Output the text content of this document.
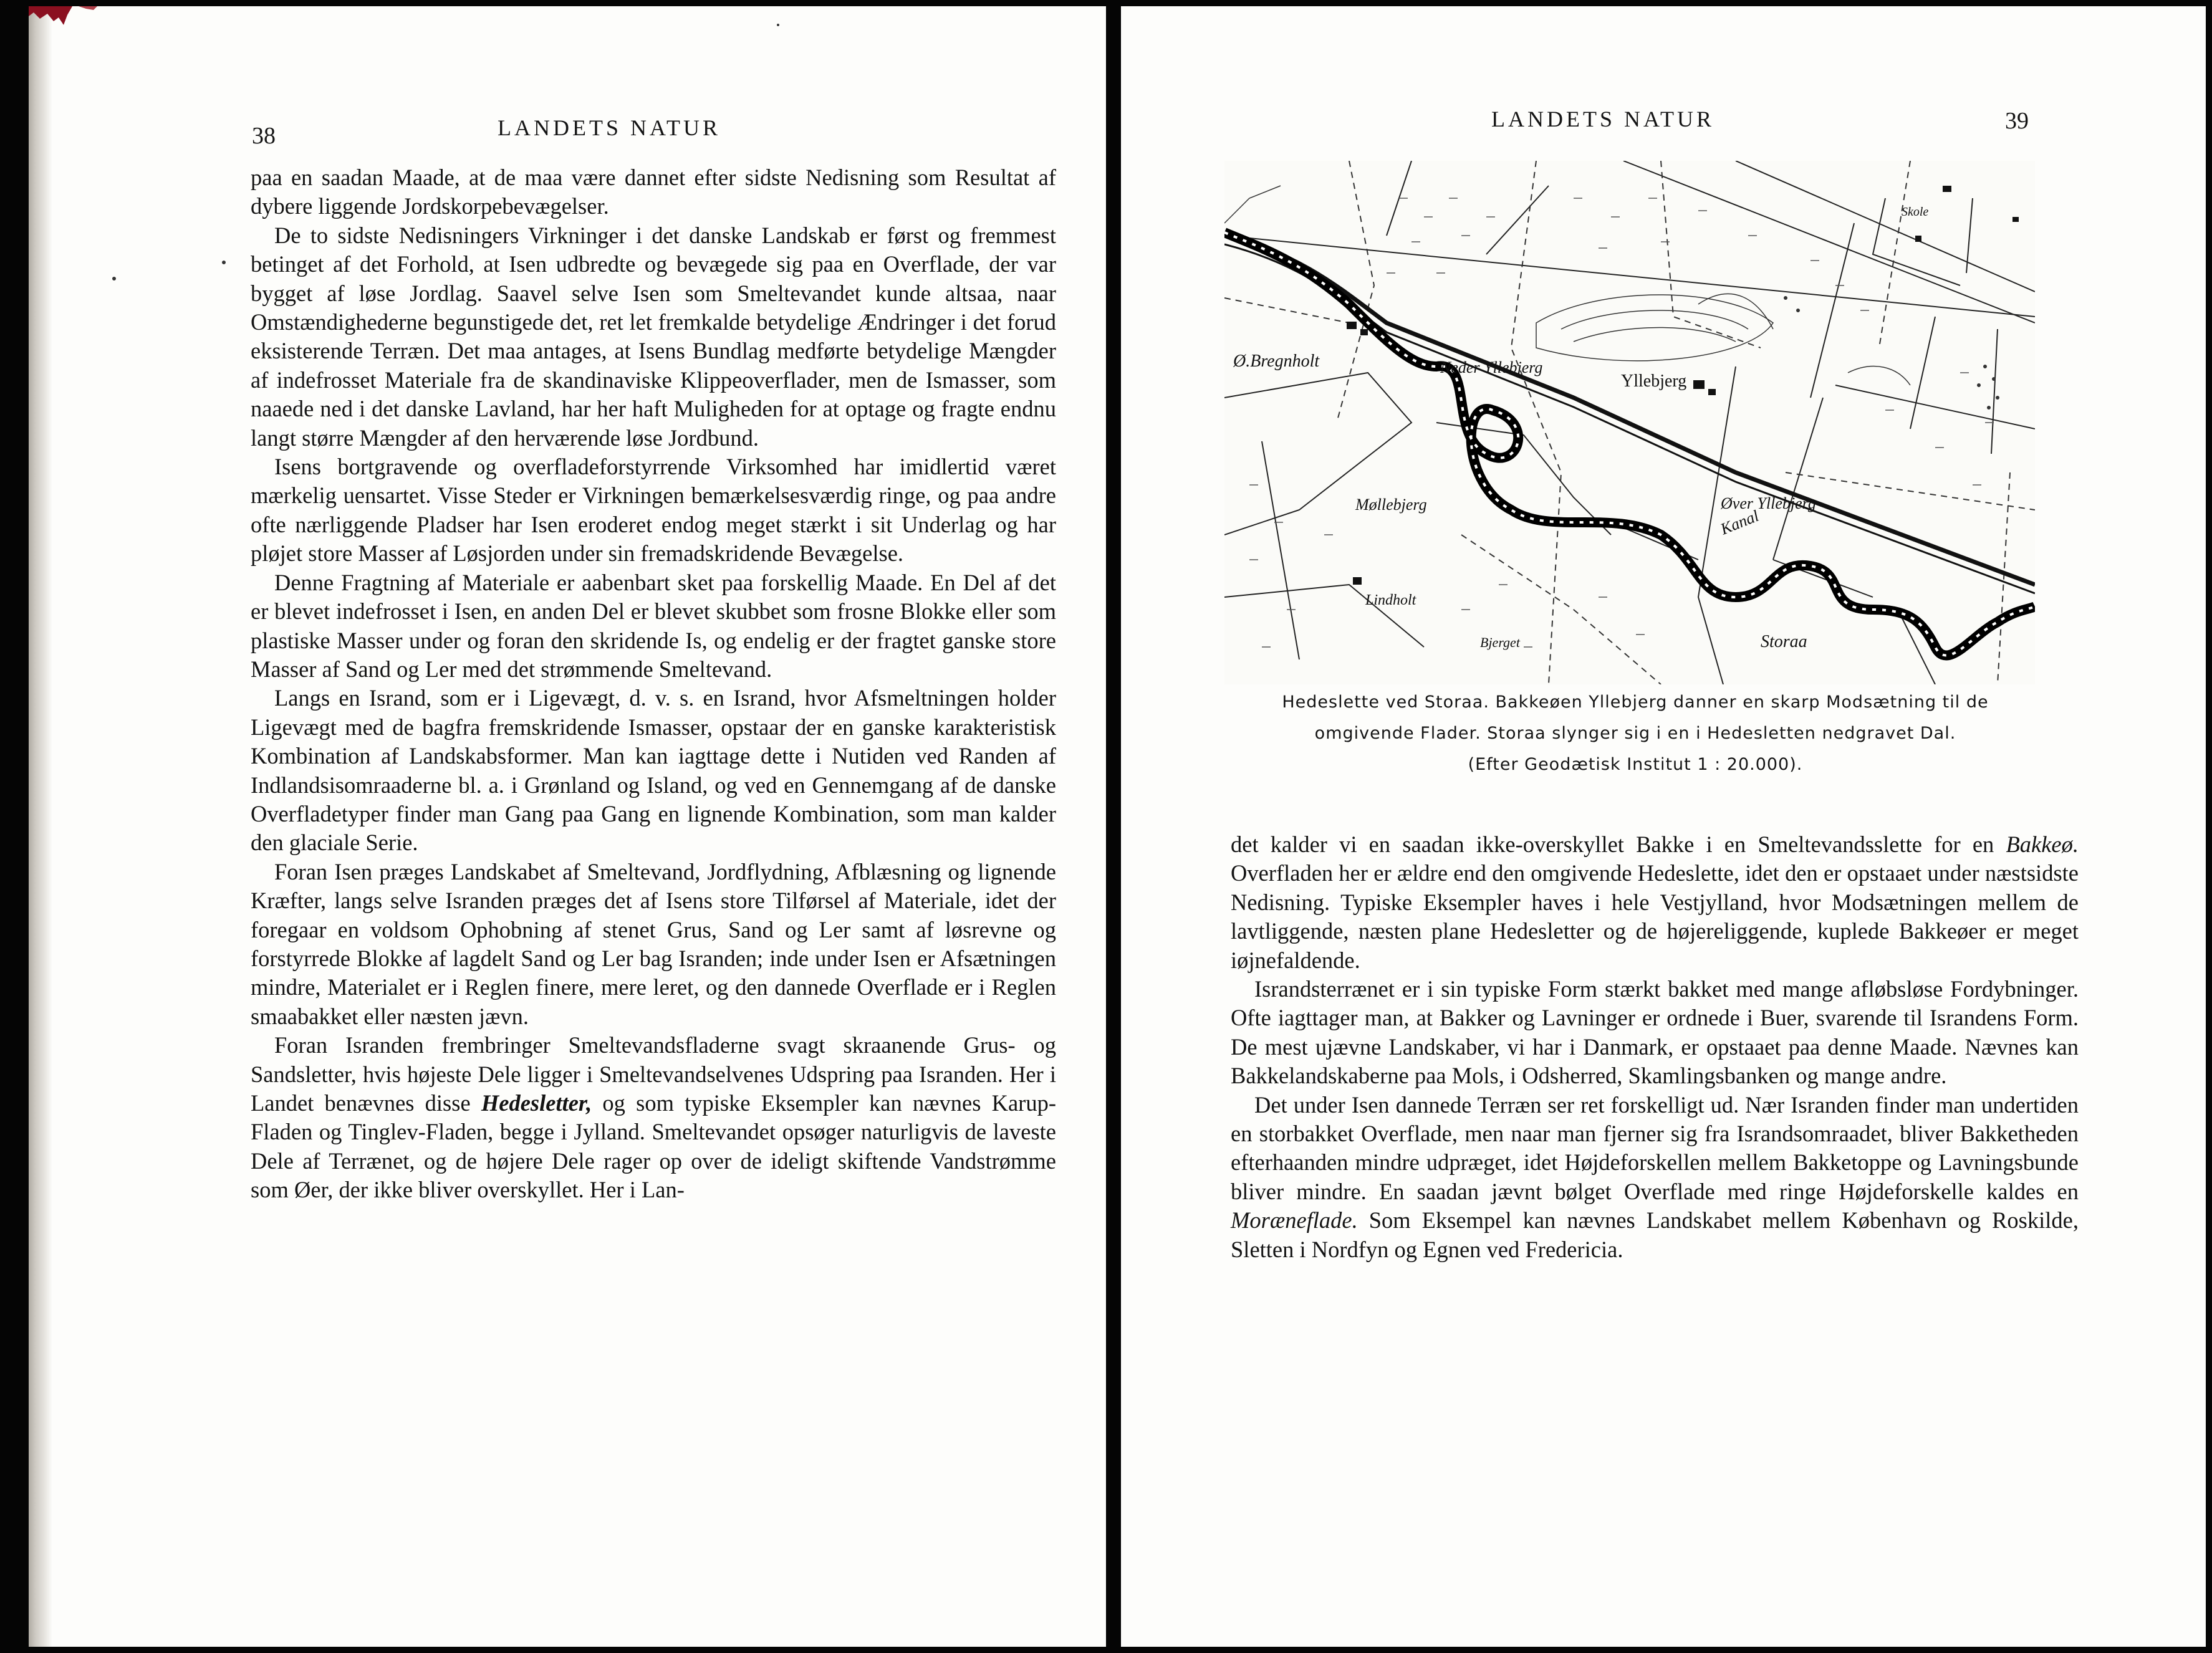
38	LANDETS NATUR

paa en saadan Maade, at de maa være dannet efter sidste Nedisning som Resultat af dybere liggende Jordskorpebevægelser.

De to sidste Nedisningers Virkninger i det danske Landskab er først og fremmest betinget af det Forhold, at Isen udbredte og bevægede sig paa en Overflade, der var bygget af løse Jordlag. Saavel selve Isen som Smeltevandet kunde altsaa, naar Omstændighederne begunstigede det, ret let fremkalde betydelige Ændringer i det forud eksisterende Terræn. Det maa antages, at Isens Bundlag medførte betydelige Mængder af indefrosset Materiale fra de skandinaviske Klippeoverflader, men de Ismasser, som naaede ned i det danske Lavland, har her haft Muligheden for at optage og fragte endnu langt større Mængder af den herværende løse Jordbund.

Isens bortgravende og overfladeforstyrrende Virksomhed har imidlertid været mærkelig uensartet. Visse Steder er Virkningen bemærkelsesværdig ringe, og paa andre ofte nærliggende Pladser har Isen eroderet endog meget stærkt i sit Underlag og har pløjet store Masser af Løsjorden under sin fremadskridende Bevægelse.

Denne Fragtning af Materiale er aabenbart sket paa forskellig Maade. En Del af det er blevet indefrosset i Isen, en anden Del er blevet skubbet som frosne Blokke eller som plastiske Masser under og foran den skridende Is, og endelig er der fragtet ganske store Masser af Sand og Ler med det strømmende Smeltevand.

Langs en Isrand, som er i Ligevægt, d. v. s. en Isrand, hvor Afsmeltningen holder Ligevægt med de bagfra fremskridende Ismasser, opstaar der en ganske karakteristisk Kombination af Landskabsformer. Man kan iagttage dette i Nutiden ved Randen af Indlandsisomraaderne bl. a. i Grønland og Island, og ved en Gennemgang af de danske Overfladetyper finder man Gang paa Gang en lignende Kombination, som man kalder den glaciale Serie.

Foran Isen præges Landskabet af Smeltevand, Jordflydning, Afblæsning og lignende Kræfter, langs selve Isranden præges det af Isens store Tilførsel af Materiale, idet der foregaar en voldsom Ophobning af stenet Grus, Sand og Ler samt af løsrevne og forstyrrede Blokke af lagdelt Sand og Ler bag Isranden; inde under Isen er Afsætningen mindre, Materialet er i Reglen finere, mere leret, og den dannede Overflade er i Reglen smaabakket eller næsten jævn.

Foran Isranden frembringer Smeltevandsfladerne svagt skraanende Grus- og Sandsletter, hvis højeste Dele ligger i Smeltevandselvenes Udspring paa Isranden. Her i Landet benævnes disse Hedesletter, og som typiske Eksempler kan nævnes Karup-Fladen og Tinglev-Fladen, begge i Jylland. Smeltevandet opsøger naturligvis de laveste Dele af Terrænet, og de højere Dele rager op over de ideligt skiftende Vandstrømme som Øer, der ikke bliver overskyllet. Her i Lan-

LANDETS NATUR	39
Skole
Ø.Bregnholt	Neder Yllebjerg
Yllebjerg
Øver Yllebjerg
Kanal
Møllebjerg
Lindholt
Storaa
Bjerget
Hedeslette ved Storaa. Bakkeøen Yllebjerg danner en skarp Modsætning til de
omgivende Flader. Storaa slynger sig i en i Hedesletten nedgravet Dal.
(Efter Geodætisk Institut 1 : 20.000).

det kalder vi en saadan ikke-overskyllet Bakke i en Smeltevandsslette for en Bakkeø. Overfladen her er ældre end den omgivende Hedeslette, idet den er opstaaet under næstsidste Nedisning. Typiske Eksempler haves i hele Vestjylland, hvor Modsætningen mellem de lavtliggende, næsten plane Hedesletter og de højereliggende, kuplede Bakkeøer er meget iøjnefaldende.

Israndsterrænet er i sin typiske Form stærkt bakket med mange afløbsløse Fordybninger. Ofte iagttager man, at Bakker og Lavninger er ordnede i Buer, svarende til Israndens Form. De mest ujævne Landskaber, vi har i Danmark, er opstaaet paa denne Maade. Nævnes kan Bakkelandskaberne paa Mols, i Odsherred, Skamlingsbanken og mange andre.

Det under Isen dannede Terræn ser ret forskelligt ud. Nær Isranden finder man undertiden en storbakket Overflade, men naar man fjerner sig fra Israndsomraadet, bliver Bakketheden efterhaanden mindre udpræget, idet Højdeforskellen mellem Bakketoppe og Lavningsbunde bliver mindre. En saadan jævnt bølget Overflade med ringe Højdeforskelle kaldes en Moræneflade. Som Eksempel kan nævnes Landskabet mellem København og Roskilde, Sletten i Nordfyn og Egnen ved Fredericia.
